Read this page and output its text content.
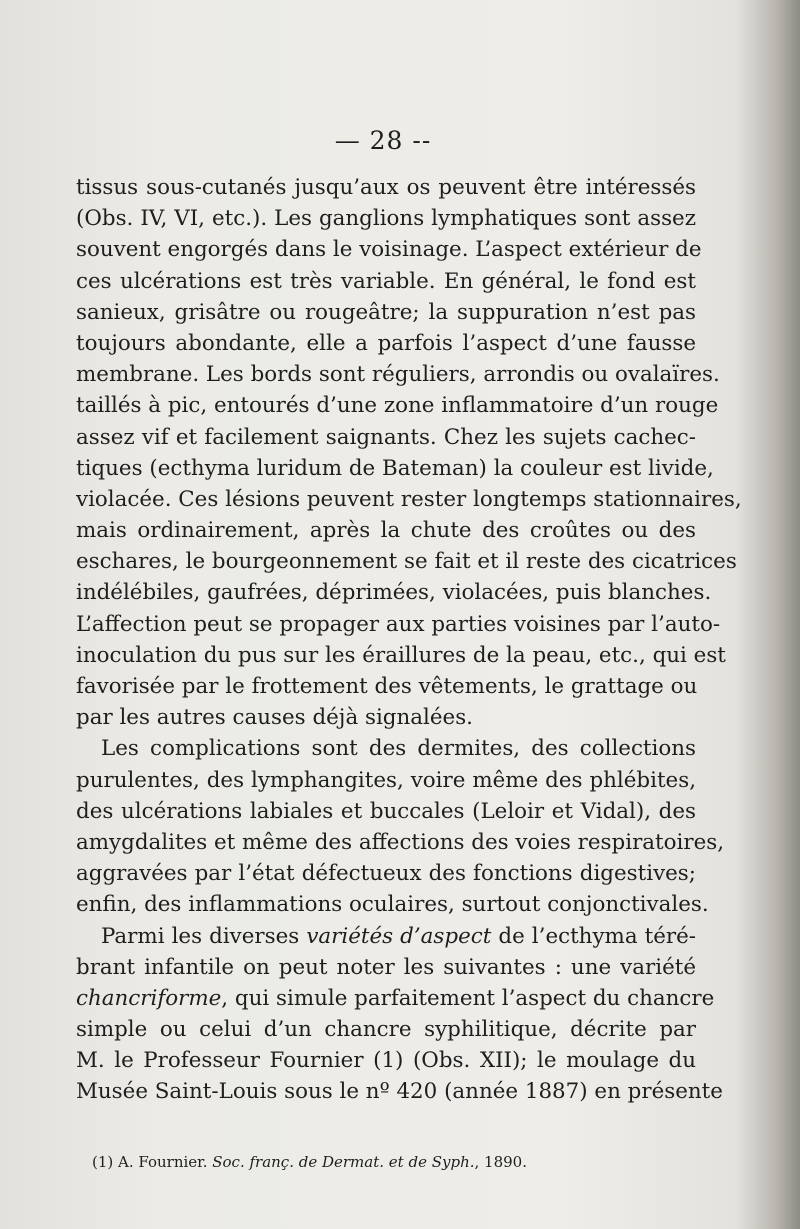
— 28 --
tissus sous-cutanés jusqu’aux os peuvent être intéressés
(Obs. IV, VI, etc.). Les ganglions lymphatiques sont assez
souvent engorgés dans le voisinage. L’aspect extérieur de
ces ulcérations est très variable. En général, le fond est
sanieux, grisâtre ou rougeâtre; la suppuration n’est pas
toujours abondante, elle a parfois l’aspect d’une fausse
membrane. Les bords sont réguliers, arrondis ou ovalaïres.
taillés à pic, entourés d’une zone inflammatoire d’un rouge
assez vif et facilement saignants. Chez les sujets cachec-
tiques (ecthyma luridum de Bateman) la couleur est livide,
violacée. Ces lésions peuvent rester longtemps stationnaires,
mais ordinairement, après la chute des croûtes ou des
eschares, le bourgeonnement se fait et il reste des cicatrices
indélébiles, gaufrées, déprimées, violacées, puis blanches.
L’affection peut se propager aux parties voisines par l’auto-
inoculation du pus sur les éraillures de la peau, etc., qui est
favorisée par le frottement des vêtements, le grattage ou
par les autres causes déjà signalées.
Les complications sont des dermites, des collections
purulentes, des lymphangites, voire même des phlébites,
des ulcérations labiales et buccales (Leloir et Vidal), des
amygdalites et même des affections des voies respiratoires,
aggravées par l’état défectueux des fonctions digestives;
enfin, des inflammations oculaires, surtout conjonctivales.
Parmi les diverses variétés d’aspect de l’ecthyma téré-
brant infantile on peut noter les suivantes : une variété
chancriforme, qui simule parfaitement l’aspect du chancre
simple ou celui d’un chancre syphilitique, décrite par
M. le Professeur Fournier (1) (Obs. XII); le moulage du
Musée Saint-Louis sous le nº 420 (année 1887) en présente
(1) A. Fournier. Soc. franç. de Dermat. et de Syph., 1890.
